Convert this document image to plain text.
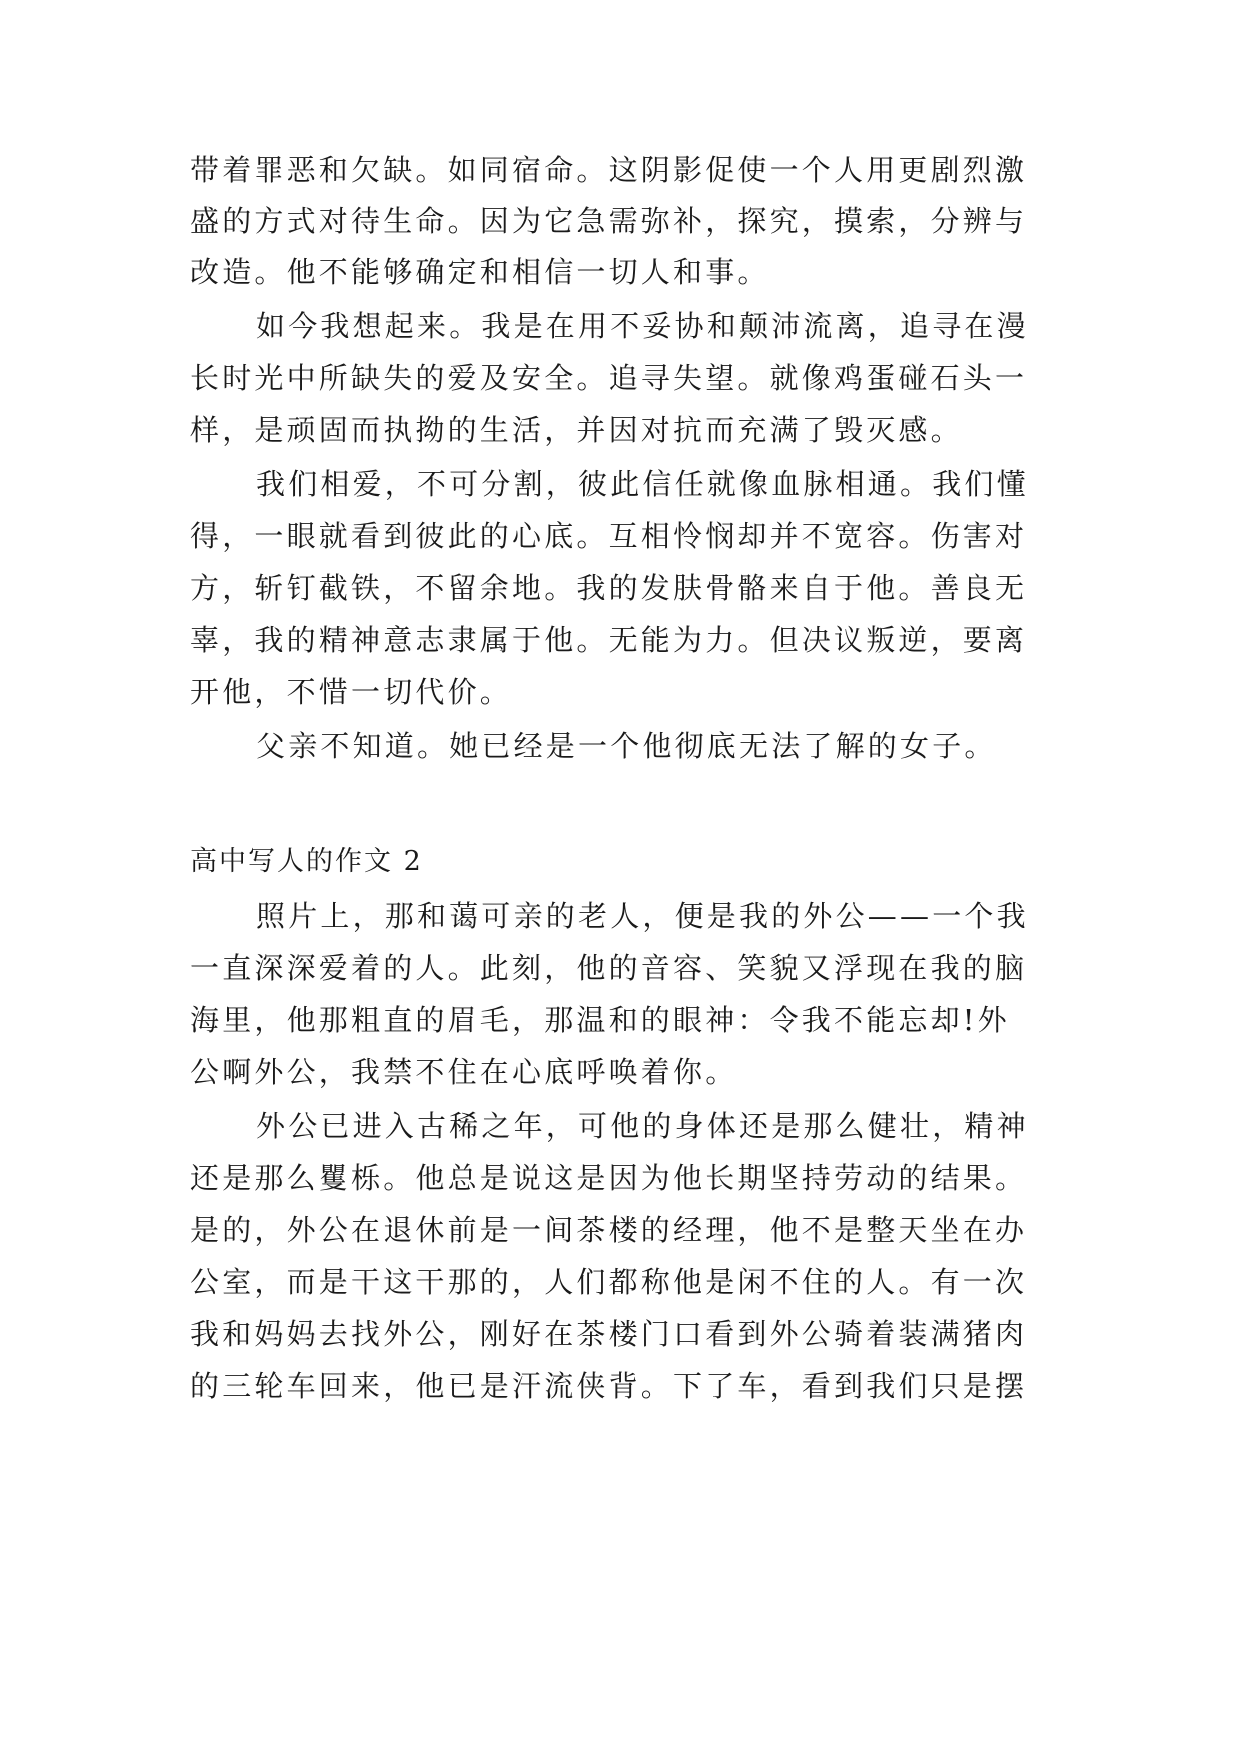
带着罪恶和欠缺。如同宿命。这阴影促使一个人用更剧烈激
盛的方式对待生命。因为它急需弥补，探究，摸索，分辨与
改造。他不能够确定和相信一切人和事。
如今我想起来。我是在用不妥协和颠沛流离，追寻在漫
长时光中所缺失的爱及安全。追寻失望。就像鸡蛋碰石头一
样，是顽固而执拗的生活，并因对抗而充满了毁灭感。
我们相爱，不可分割，彼此信任就像血脉相通。我们懂
得，一眼就看到彼此的心底。互相怜悯却并不宽容。伤害对
方，斩钉截铁，不留余地。我的发肤骨骼来自于他。善良无
辜，我的精神意志隶属于他。无能为力。但决议叛逆，要离
开他，不惜一切代价。
父亲不知道。她已经是一个他彻底无法了解的女子。
高中写人的作文 2
照片上，那和蔼可亲的老人，便是我的外公——一个我
一直深深爱着的人。此刻，他的音容、笑貌又浮现在我的脑
海里，他那粗直的眉毛，那温和的眼神：令我不能忘却!外
公啊外公，我禁不住在心底呼唤着你。
外公已进入古稀之年，可他的身体还是那么健壮，精神
还是那么矍栎。他总是说这是因为他长期坚持劳动的结果。
是的，外公在退休前是一间茶楼的经理，他不是整天坐在办
公室，而是干这干那的，人们都称他是闲不住的人。有一次
我和妈妈去找外公，刚好在茶楼门口看到外公骑着装满猪肉
的三轮车回来，他已是汗流侠背。下了车，看到我们只是摆
